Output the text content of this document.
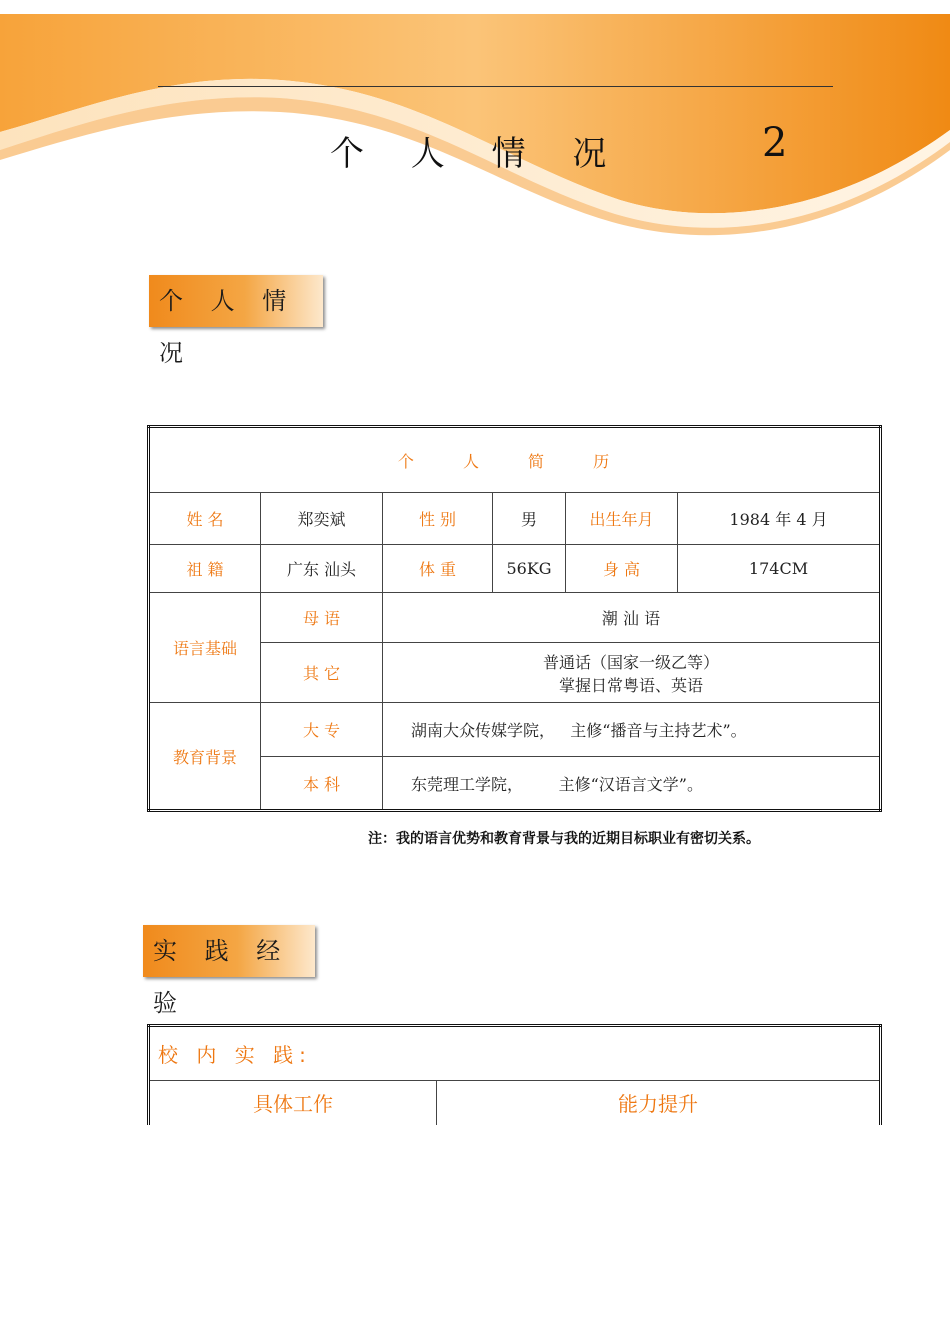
个 人 情 况	2
个 人 情 况
个 人 简 历					
姓 名	郑奕斌	性 别	男	出生年月	1984 年 4 月
祖 籍	广东 汕头	体 重	56KG	身 高	174CM
语言基础	母 语	潮 汕 语			
	其 它	普通话（国家一级乙等）
掌握日常粤语、英语			

教育背景	大 专	湖南大众传媒学院，   主修“播音与主持艺术”。			
	本 科	东莞理工学院，       主修“汉语言文学”。			
注：我的语言优势和教育背景与我的近期目标职业有密切关系。
实 践 经 验
校 内 实 践:
具体工作	能力提升
